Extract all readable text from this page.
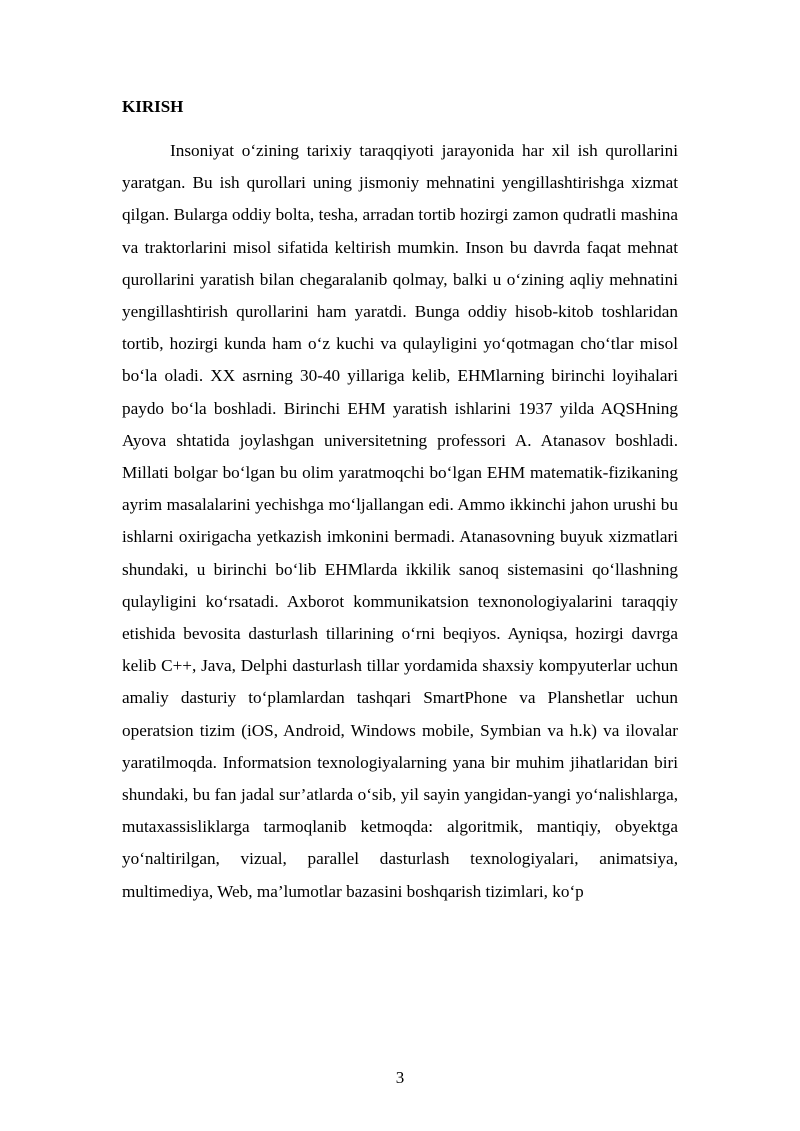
KIRISH

Insoniyat o‘zining tarixiy taraqqiyoti jarayonida har xil ish qurollarini yaratgan. Bu ish qurollari uning jismoniy mehnatini yengillashtirishga xizmat qilgan. Bularga oddiy bolta, tesha, arradan tortib hozirgi zamon qudratli mashina va traktorlarini misol sifatida keltirish mumkin. Inson bu davrda faqat mehnat qurollarini yaratish bilan chegaralanib qolmay, balki u o‘zining aqliy mehnatini yengillashtirish qurollarini ham yaratdi. Bunga oddiy hisob-kitob toshlaridan tortib, hozirgi kunda ham o‘z kuchi va qulayligini yo‘qotmagan cho‘tlar misol bo‘la oladi. XX asrning 30-40 yillariga kelib, EHMlarning birinchi loyihalari paydo bo‘la boshladi. Birinchi EHM yaratish ishlarini 1937 yilda AQSHning Ayova shtatida joylashgan universitetning professori A. Atanasov boshladi. Millati bolgar bo‘lgan bu olim yaratmoqchi bo‘lgan EHM matematik-fizikaning ayrim masalalarini yechishga mo‘ljallangan edi. Ammo ikkinchi jahon urushi bu ishlarni oxirigacha yetkazish imkonini bermadi. Atanasovning buyuk xizmatlari shundaki, u birinchi bo‘lib EHMlarda ikkilik sanoq sistemasini qo‘llashning qulayligini ko‘rsatadi. Axborot kommunikatsion texnonologiyalarini taraqqiy etishida bevosita dasturlash tillarining o‘rni beqiyos. Ayniqsa, hozirgi davrga kelib C++, Java, Delphi dasturlash tillar yordamida shaxsiy kompyuterlar uchun amaliy dasturiy to‘plamlardan tashqari SmartPhone va Planshetlar uchun operatsion tizim (iOS, Android, Windows mobile, Symbian va h.k) va ilovalar yaratilmoqda. Informatsion texnologiyalarning yana bir muhim jihatlaridan biri shundaki, bu fan jadal sur’atlarda o‘sib, yil sayin yangidan-yangi yo‘nalishlarga, mutaxassisliklarga tarmoqlanib ketmoqda: algoritmik, mantiqiy, obyektga yo‘naltirilgan, vizual, parallel dasturlash texnologiyalari, animatsiya, multimediya, Web, ma’lumotlar bazasini boshqarish tizimlari, ko‘p

3
